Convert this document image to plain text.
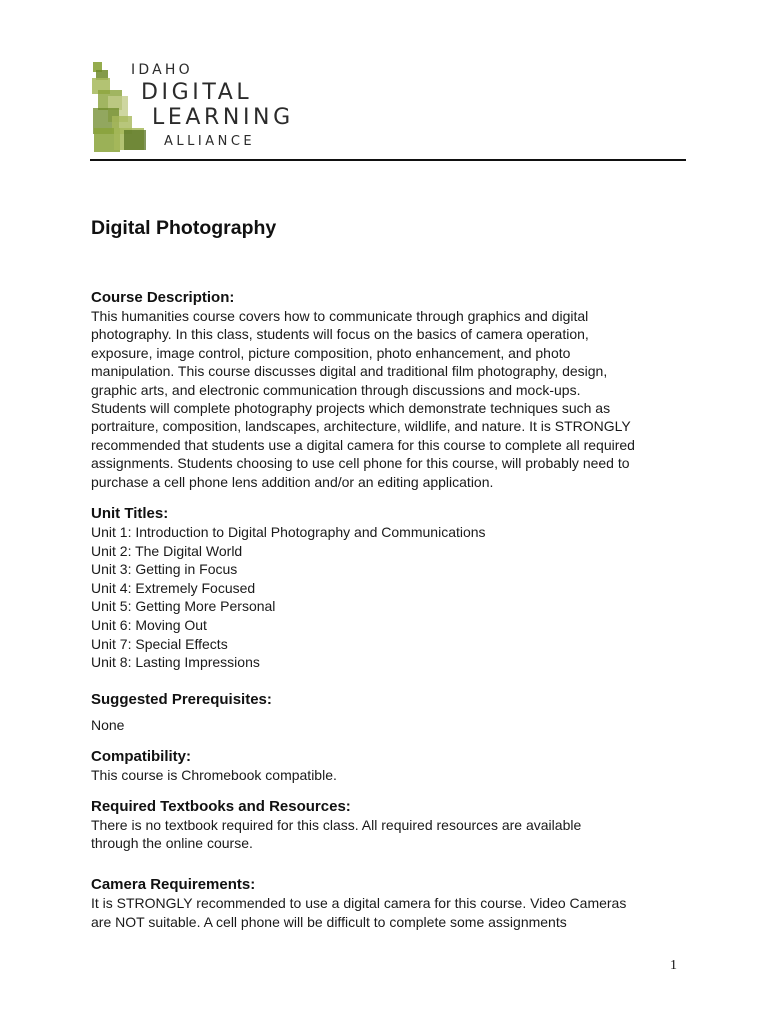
IDAHO
DIGITAL
LEARNING
ALLIANCE
Digital Photography
Course Description:
This humanities course covers how to communicate through graphics and digital
photography. In this class, students will focus on the basics of camera operation,
exposure, image control, picture composition, photo enhancement, and photo
manipulation. This course discusses digital and traditional film photography, design,
graphic arts, and electronic communication through discussions and mock-ups.
Students will complete photography projects which demonstrate techniques such as
portraiture, composition, landscapes, architecture, wildlife, and nature. It is STRONGLY
recommended that students use a digital camera for this course to complete all required
assignments. Students choosing to use cell phone for this course, will probably need to
purchase a cell phone lens addition and/or an editing application.
Unit Titles:
Unit 1: Introduction to Digital Photography and Communications
Unit 2: The Digital World
Unit 3: Getting in Focus
Unit 4: Extremely Focused
Unit 5: Getting More Personal
Unit 6: Moving Out
Unit 7: Special Effects
Unit 8: Lasting Impressions
Suggested Prerequisites:
None
Compatibility:
This course is Chromebook compatible.
Required Textbooks and Resources:
There is no textbook required for this class. All required resources are available
through the online course.
Camera Requirements:
It is STRONGLY recommended to use a digital camera for this course. Video Cameras
are NOT suitable. A cell phone will be difficult to complete some assignments
1
